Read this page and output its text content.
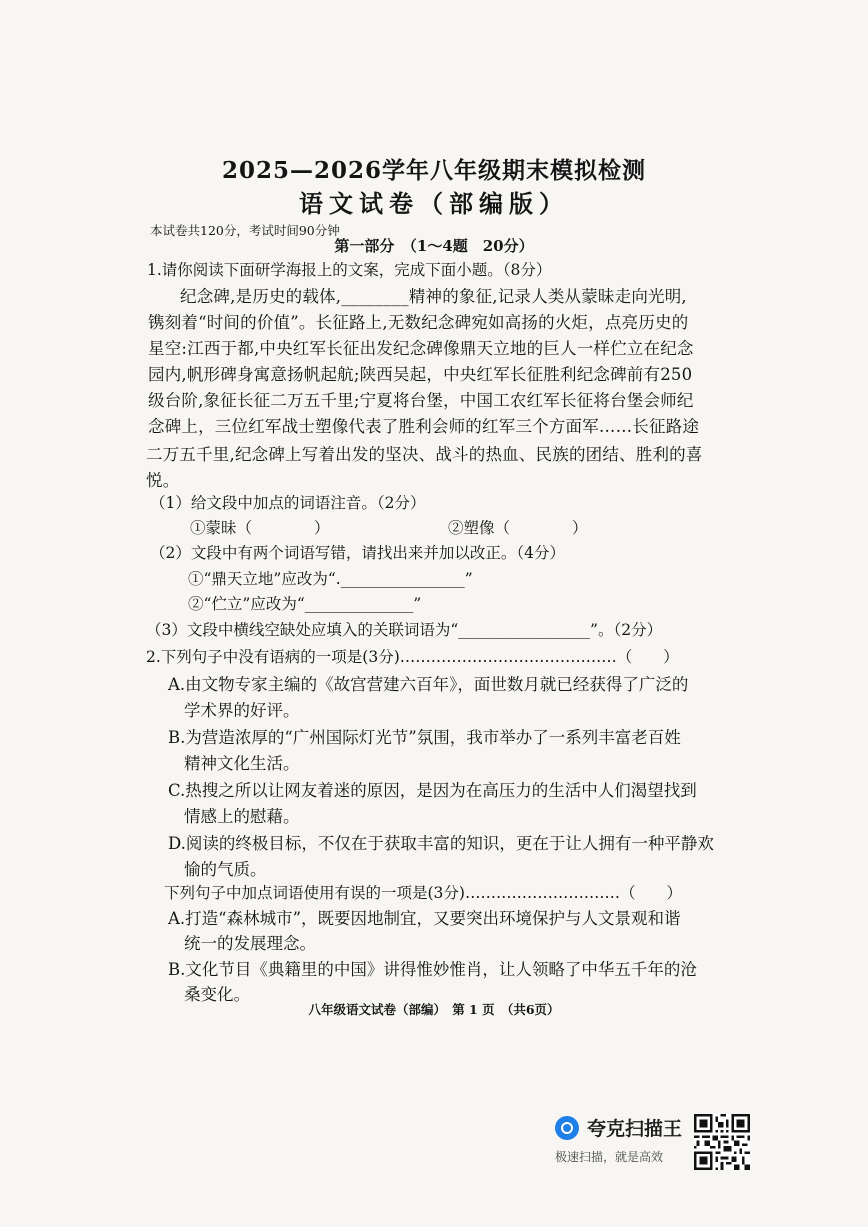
2025—2026学年八年级期末模拟检测
语文试卷（部编版）
本试卷共120分，考试时间90分钟
第一部分　（1～4题　20分）
1.请你阅读下面研学海报上的文案，完成下面小题。（8分）
纪念碑,是历史的载体,________精神的象征,记录人类从蒙昧走向光明,
镌刻着“时间的价值”。长征路上,无数纪念碑宛如高扬的火炬，点亮历史的
星空:江西于都,中央红军长征出发纪念碑像鼎天立地的巨人一样伫立在纪念
园内,帆形碑身寓意扬帆起航;陕西吴起，中央红军长征胜利纪念碑前有250
级台阶,象征长征二万五千里;宁夏将台堡，中国工农红军长征将台堡会师纪
念碑上，三位红军战士塑像代表了胜利会师的红军三个方面军……长征路途
二万五千里,纪念碑上写着出发的坚决、战斗的热血、民族的团结、胜利的喜
悦。
（1）给文段中加点的词语注音。（2分）
①蒙昧（　　　　）	②塑像（　　　　）
（2）文段中有两个词语写错，请找出来并加以改正。（4分）
①“鼎天立地”应改为“.________________”
②“伫立”应改为“______________”
（3）文段中横线空缺处应填入的关联词语为“_________________”。（2分）
2.下列句子中没有语病的一项是(3分)……………………………………（　　）
A.由文物专家主编的《故宫营建六百年》，面世数月就已经获得了广泛的
学术界的好评。
B.为营造浓厚的“广州国际灯光节”氛围，我市举办了一系列丰富老百姓
精神文化生活。
C.热搜之所以让网友着迷的原因，是因为在高压力的生活中人们渴望找到
情感上的慰藉。
D.阅读的终极目标，不仅在于获取丰富的知识，更在于让人拥有一种平静欢
愉的气质。
下列句子中加点词语使用有误的一项是(3分)…………………………（　　）
A.打造“森林城市”，既要因地制宜，又要突出环境保护与人文景观和谐
统一的发展理念。
B.文化节目《典籍里的中国》讲得惟妙惟肖，让人领略了中华五千年的沧
桑变化。
八年级语文试卷（部编）　第 1 页　（共6页）
夸克扫描王
极速扫描，就是高效
